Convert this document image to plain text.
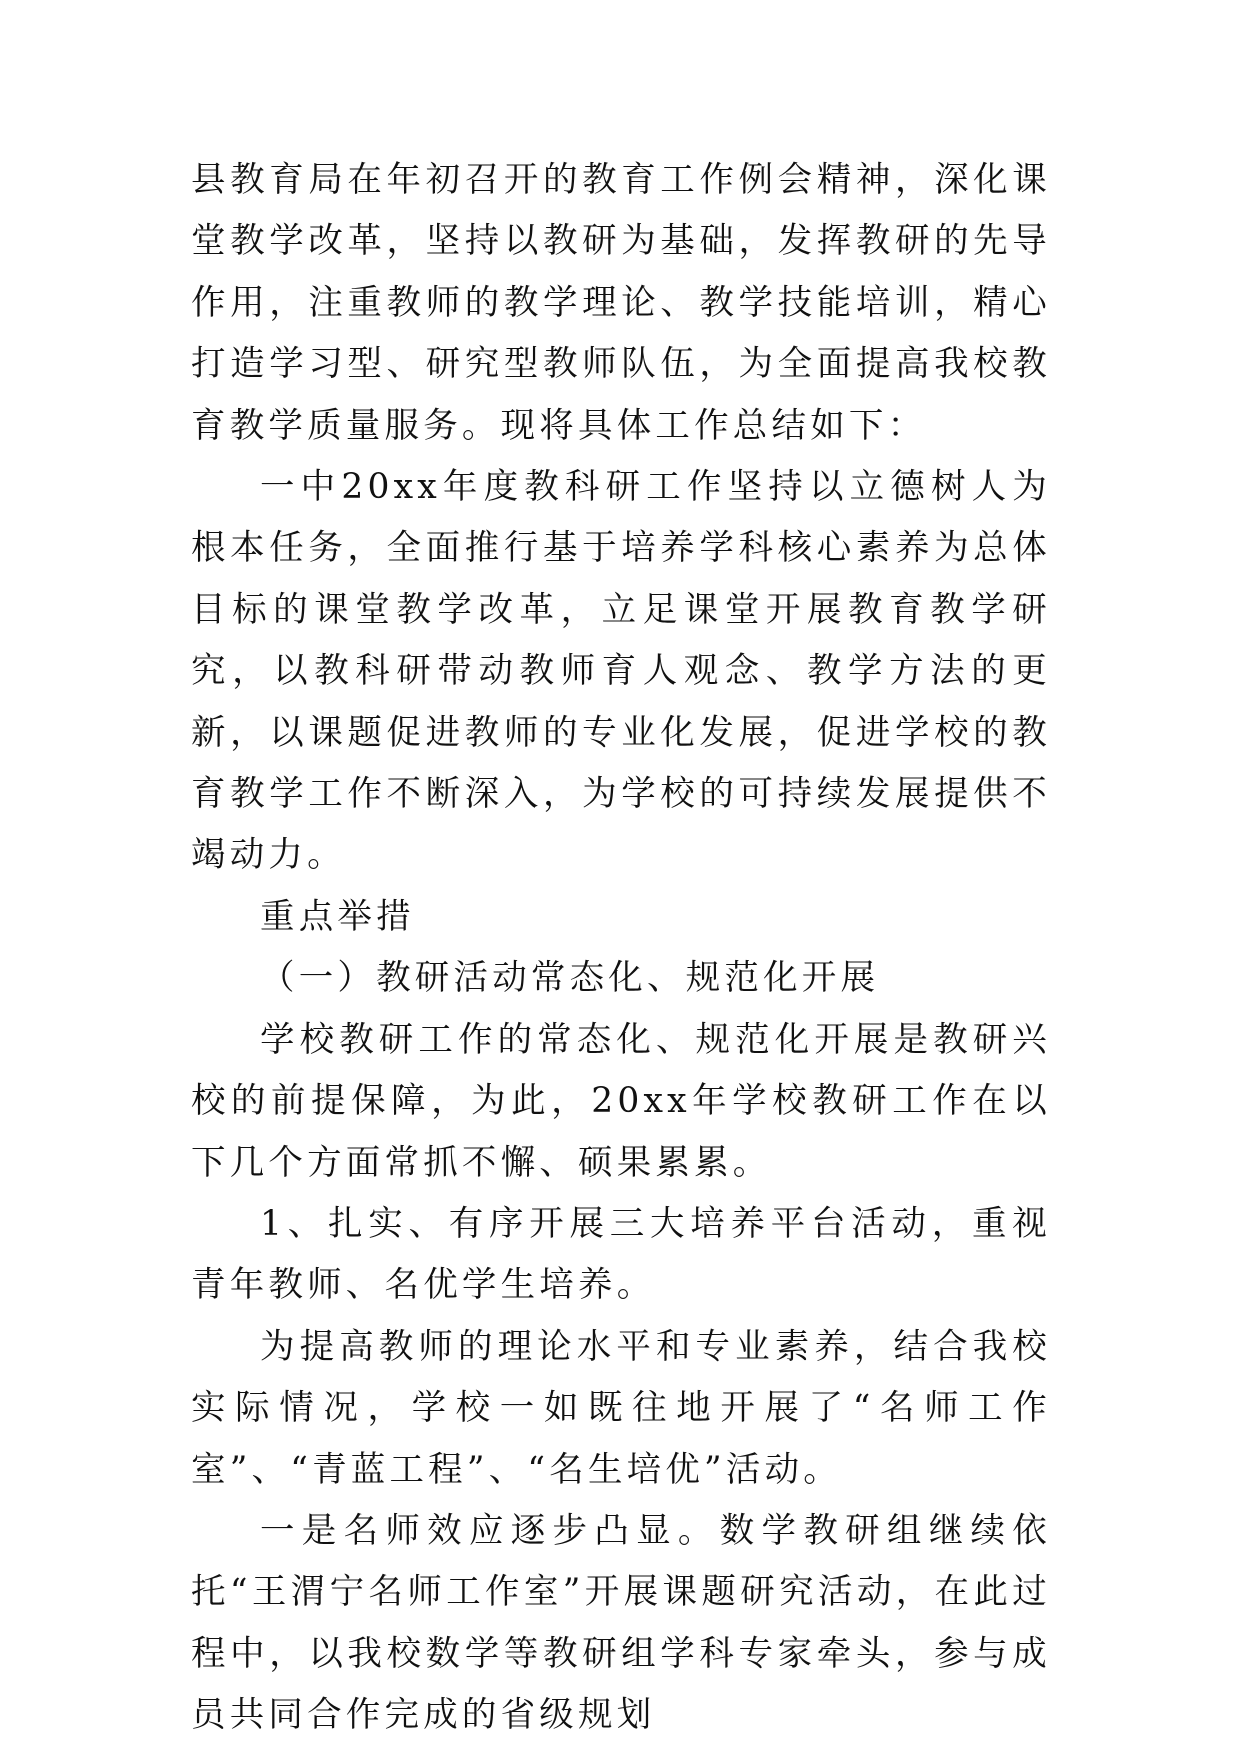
县教育局在年初召开的教育工作例会精神，深化课堂教学改革，坚持以教研为基础，发挥教研的先导作用，注重教师的教学理论、教学技能培训，精心打造学习型、研究型教师队伍，为全面提高我校教育教学质量服务。现将具体工作总结如下：

一中20xx年度教科研工作坚持以立德树人为根本任务，全面推行基于培养学科核心素养为总体目标的课堂教学改革，立足课堂开展教育教学研究，以教科研带动教师育人观念、教学方法的更新，以课题促进教师的专业化发展，促进学校的教育教学工作不断深入，为学校的可持续发展提供不竭动力。

重点举措

（一）教研活动常态化、规范化开展

学校教研工作的常态化、规范化开展是教研兴校的前提保障，为此，20xx年学校教研工作在以下几个方面常抓不懈、硕果累累。

1、扎实、有序开展三大培养平台活动，重视青年教师、名优学生培养。

为提高教师的理论水平和专业素养，结合我校实际情况，学校一如既往地开展了“名师工作室”、“青蓝工程”、“名生培优”活动。

一是名师效应逐步凸显。数学教研组继续依托“王渭宁名师工作室”开展课题研究活动，在此过程中，以我校数学等教研组学科专家牵头，参与成员共同合作完成的省级规划
